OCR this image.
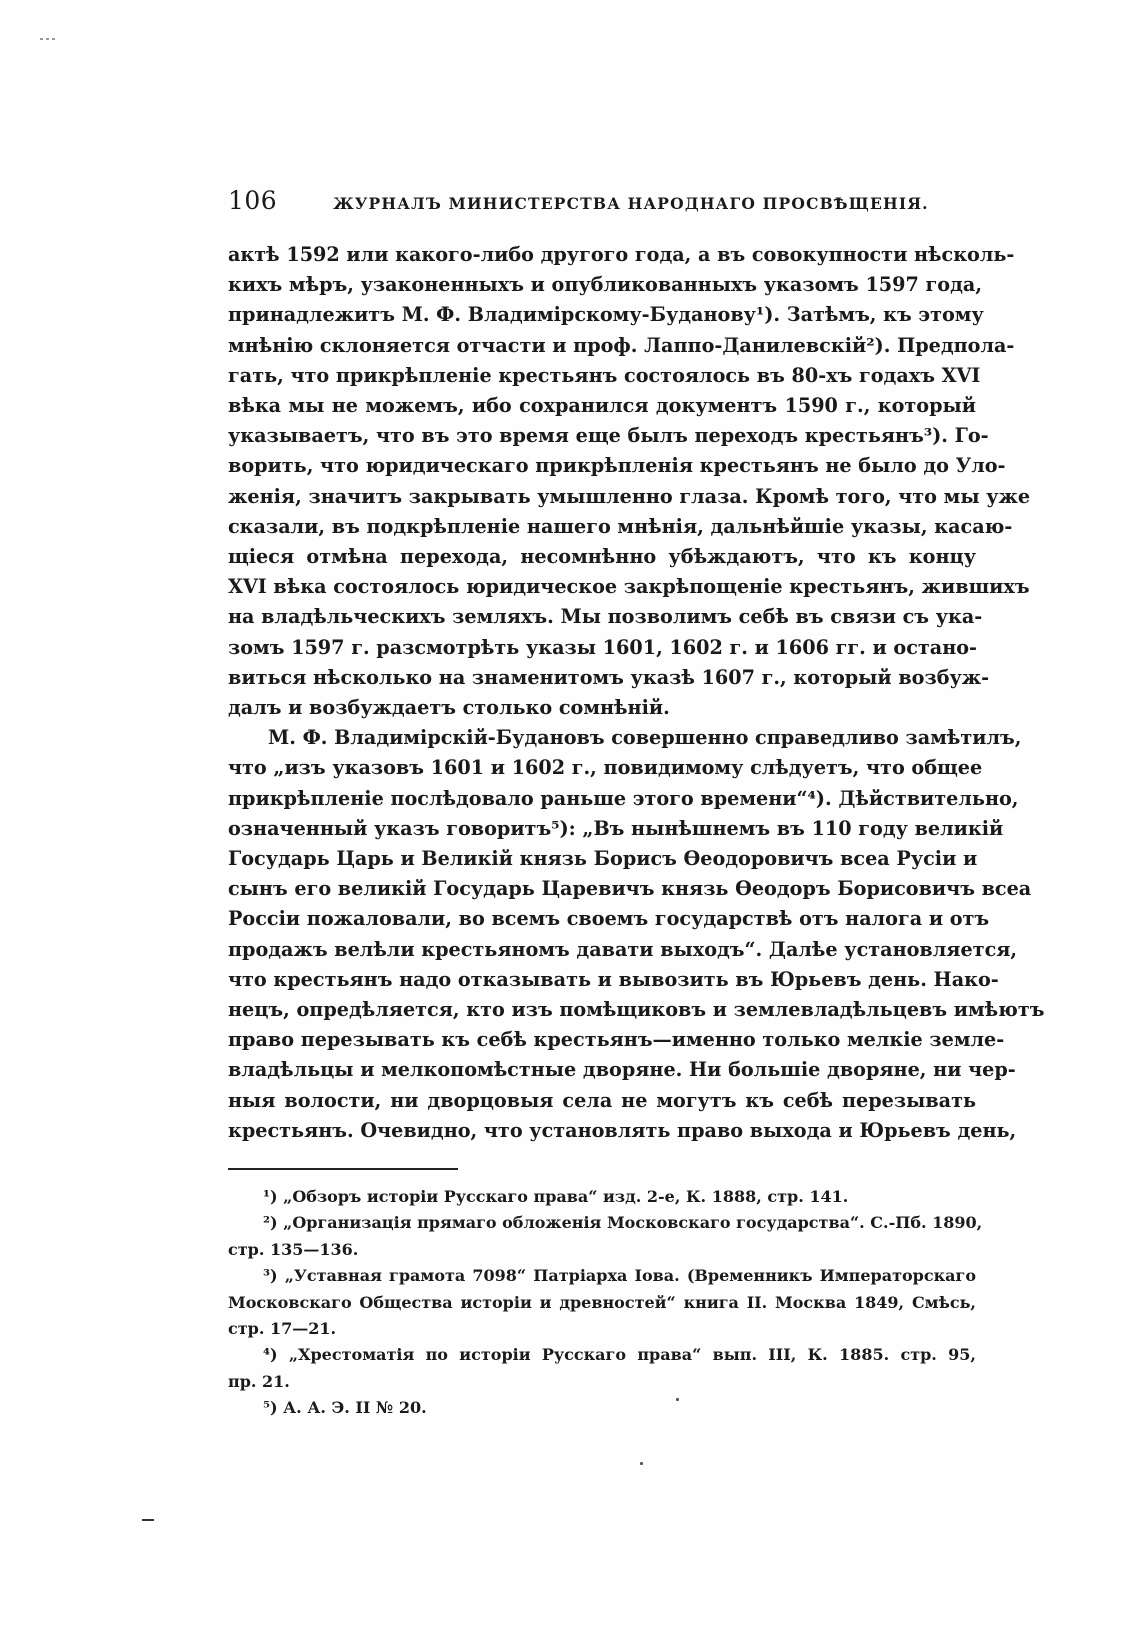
106	ЖУРНАЛЪ МИНИСТЕРСТВА НАРОДНАГО ПРОСВѢЩЕНІЯ.

актѣ 1592 или какого-либо другого года, а въ совокупности нѣсколь-
кихъ мѣръ, узаконенныхъ и опубликованныхъ указомъ 1597 года,
принадлежитъ М. Ф. Владимірскому-Буданову¹). Затѣмъ, къ этому
мнѣнію склоняется отчасти и проф. Лаппо-Данилевскій²). Предпола-
гать, что прикрѣпленіе крестьянъ состоялось въ 80-хъ годахъ XVI
вѣка мы не можемъ, ибо сохранился документъ 1590 г., который
указываетъ, что въ это время еще былъ переходъ крестьянъ³). Го-
ворить, что юридическаго прикрѣпленія крестьянъ не было до Уло-
женія, значитъ закрывать умышленно глаза. Кромѣ того, что мы уже
сказали, въ подкрѣпленіе нашего мнѣнія, дальнѣйшіе указы, касаю-
щіеся отмѣна перехода, несомнѣнно убѣждаютъ, что къ концу
XVI вѣка состоялось юридическое закрѣпощеніе крестьянъ, жившихъ
на владѣльческихъ земляхъ. Мы позволимъ себѣ въ связи съ ука-
зомъ 1597 г. разсмотрѣть указы 1601, 1602 г. и 1606 гг. и остано-
виться нѣсколько на знаменитомъ указѣ 1607 г., который возбуж-
далъ и возбуждаетъ столько сомнѣній.

М. Ф. Владимірскій-Будановъ совершенно справедливо замѣтилъ,
что „изъ указовъ 1601 и 1602 г., повидимому слѣдуетъ, что общее
прикрѣпленіе послѣдовало раньше этого времени“⁴). Дѣйствительно,
означенный указъ говоритъ⁵): „Въ нынѣшнемъ въ 110 году великій
Государь Царь и Великій князь Борисъ Ѳеодоровичъ всеа Русіи и
сынъ его великій Государь Царевичъ князь Ѳеодоръ Борисовичъ всеа
Россіи пожаловали, во всемъ своемъ государствѣ отъ налога и отъ
продажъ велѣли крестьяномъ давати выходъ“. Далѣе установляется,
что крестьянъ надо отказывать и вывозить въ Юрьевъ день. Нако-
нецъ, опредѣляется, кто изъ помѣщиковъ и землевладѣльцевъ имѣютъ
право перезывать къ себѣ крестьянъ—именно только мелкіе земле-
владѣльцы и мелкопомѣстные дворяне. Ни большіе дворяне, ни чер-
ныя волости, ни дворцовыя села не могутъ къ себѣ перезывать
крестьянъ. Очевидно, что установлять право выхода и Юрьевъ день,

¹) „Обзоръ исторіи Русскаго права“ изд. 2-е, К. 1888, стр. 141.

²) „Организація прямаго обложенія Московскаго государства“. С.-Пб. 1890,
стр. 135—136.

³) „Уставная грамота 7098“ Патріарха Іова. (Временникъ Императорскаго
Московскаго Общества исторіи и древностей“ книга II. Москва 1849, Смѣсь,
стр. 17—21.

⁴) „Хрестоматія по исторіи Русскаго права“ вып. III, К. 1885. стр. 95,
пр. 21.

⁵) А. А. Э. II № 20.
